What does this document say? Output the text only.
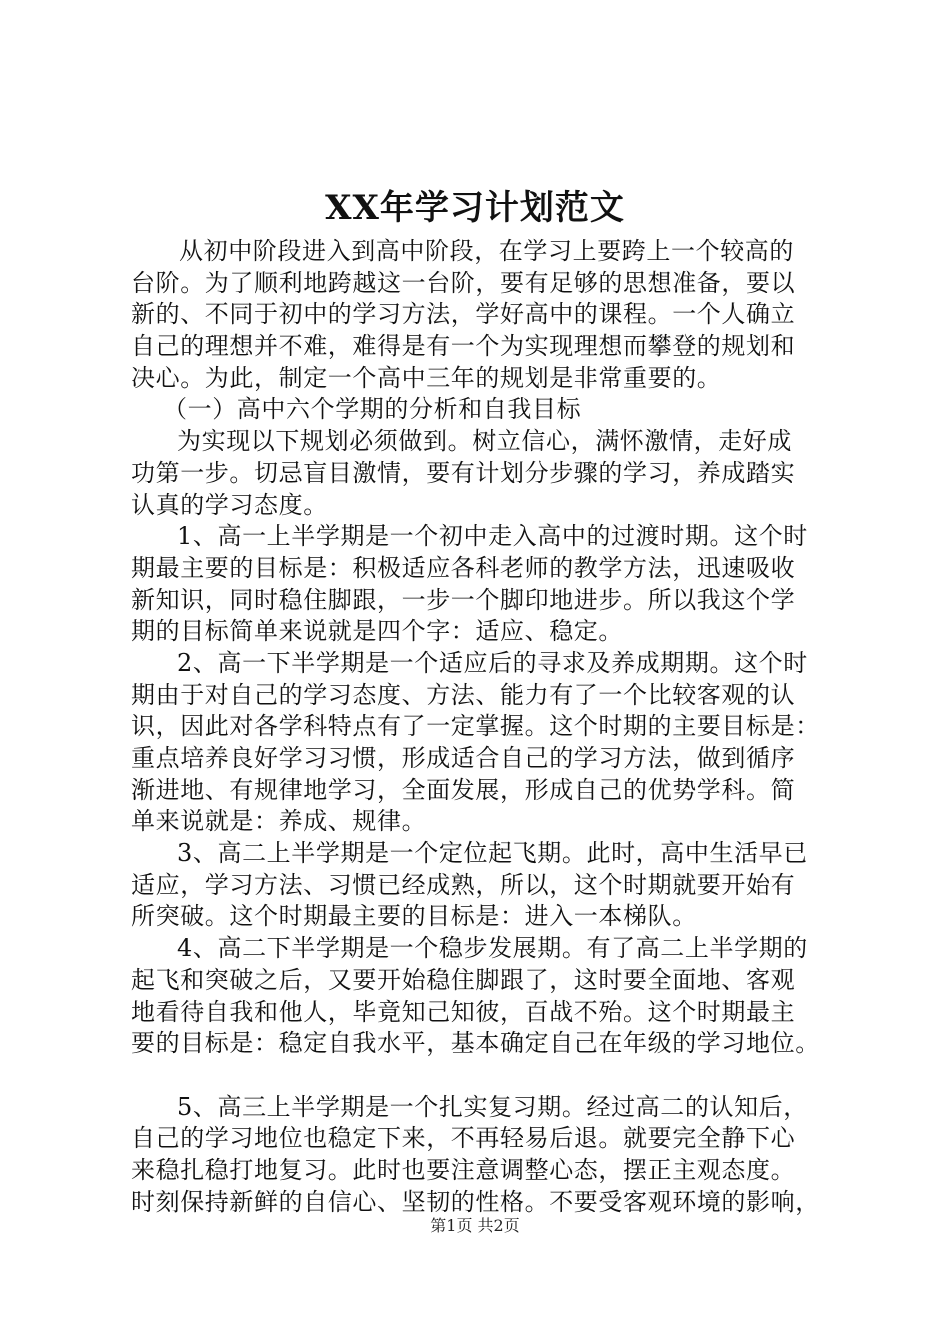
XX年学习计划范文
从初中阶段进入到高中阶段，在学习上要跨上一个较高的
台阶。为了顺利地跨越这一台阶，要有足够的思想准备，要以
新的、不同于初中的学习方法，学好高中的课程。一个人确立
自己的理想并不难，难得是有一个为实现理想而攀登的规划和
决心。为此，制定一个高中三年的规划是非常重要的。
（一）高中六个学期的分析和自我目标
为实现以下规划必须做到。树立信心，满怀激情，走好成
功第一步。切忌盲目激情，要有计划分步骤的学习，养成踏实
认真的学习态度。
1、高一上半学期是一个初中走入高中的过渡时期。这个时
期最主要的目标是：积极适应各科老师的教学方法，迅速吸收
新知识，同时稳住脚跟，一步一个脚印地进步。所以我这个学
期的目标简单来说就是四个字：适应、稳定。
2、高一下半学期是一个适应后的寻求及养成期期。这个时
期由于对自己的学习态度、方法、能力有了一个比较客观的认
识，因此对各学科特点有了一定掌握。这个时期的主要目标是：
重点培养良好学习习惯，形成适合自己的学习方法，做到循序
渐进地、有规律地学习，全面发展，形成自己的优势学科。简
单来说就是：养成、规律。
3、高二上半学期是一个定位起飞期。此时，高中生活早已
适应，学习方法、习惯已经成熟，所以，这个时期就要开始有
所突破。这个时期最主要的目标是：进入一本梯队。
4、高二下半学期是一个稳步发展期。有了高二上半学期的
起飞和突破之后，又要开始稳住脚跟了，这时要全面地、客观
地看待自我和他人，毕竟知己知彼，百战不殆。这个时期最主
要的目标是：稳定自我水平，基本确定自己在年级的学习地位。
5、高三上半学期是一个扎实复习期。经过高二的认知后，
自己的学习地位也稳定下来，不再轻易后退。就要完全静下心
来稳扎稳打地复习。此时也要注意调整心态，摆正主观态度。
时刻保持新鲜的自信心、坚韧的性格。不要受客观环境的影响，
第1页 共2页
